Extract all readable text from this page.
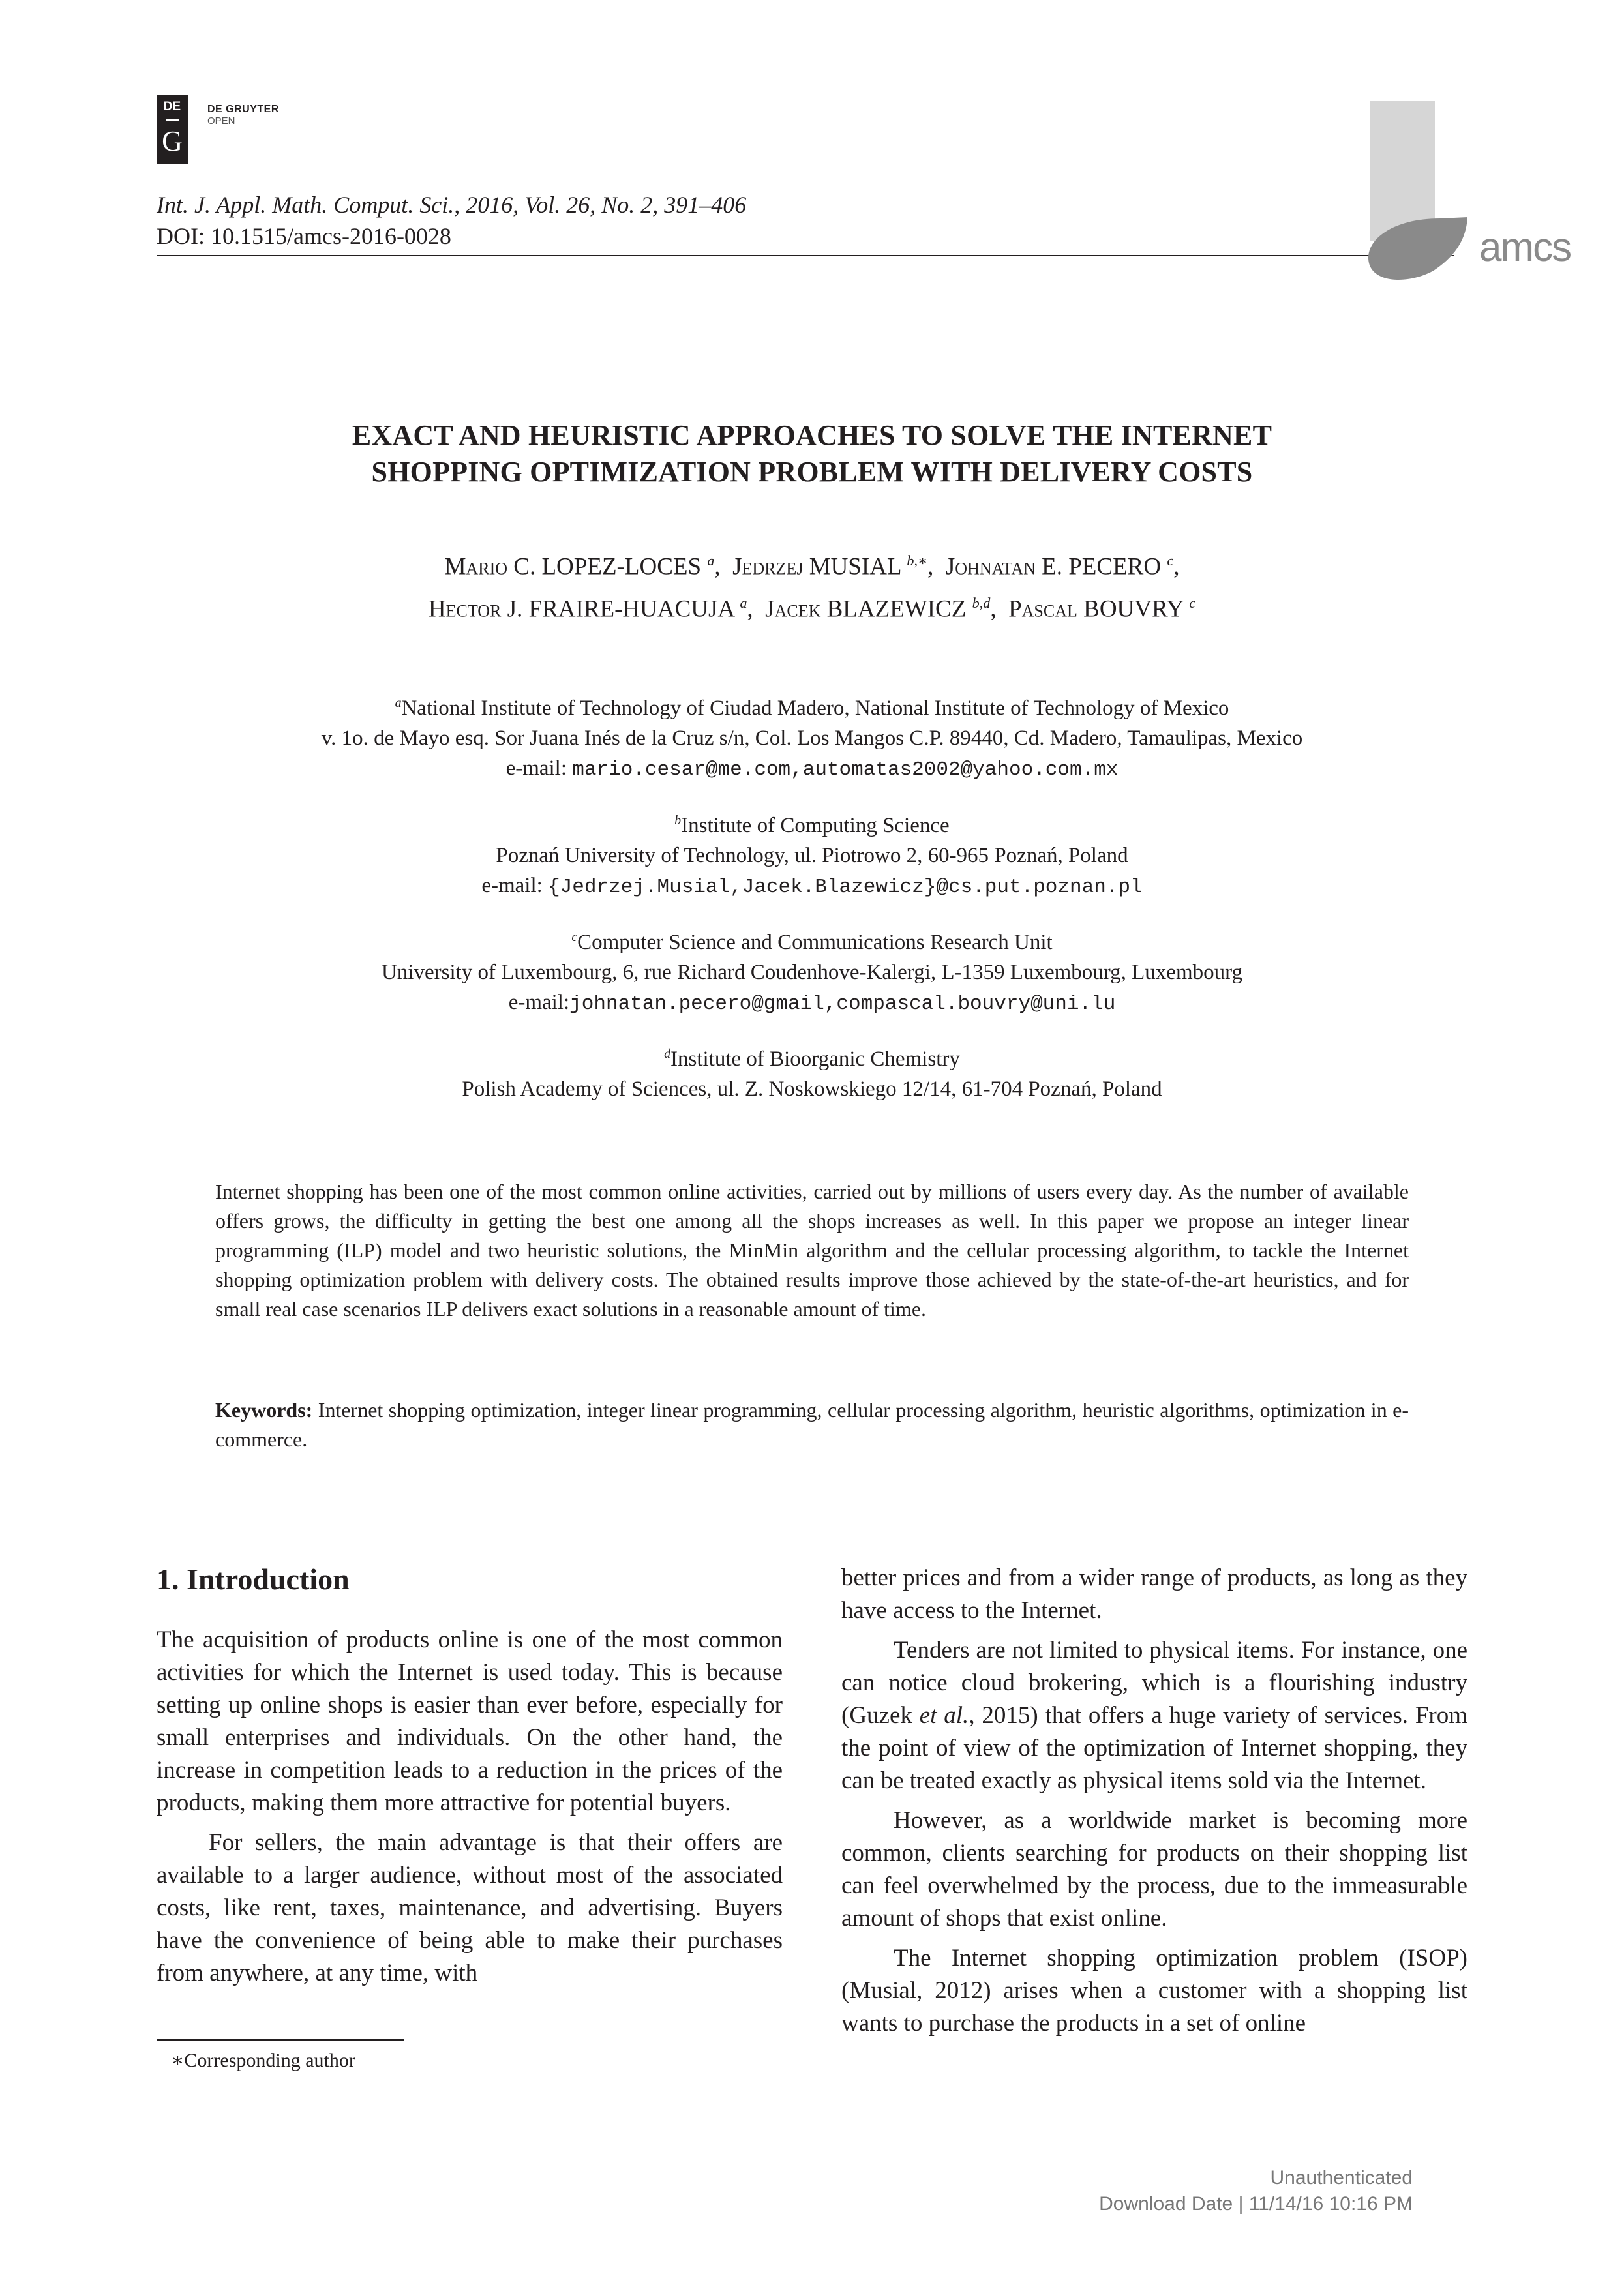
DE
G
DE GRUYTER
OPEN
Int. J. Appl. Math. Comput. Sci., 2016, Vol. 26, No. 2, 391–406
DOI: 10.1515/amcs-2016-0028	amcs
EXACT AND HEURISTIC APPROACHES TO SOLVE THE INTERNET
SHOPPING OPTIMIZATION PROBLEM WITH DELIVERY COSTS
Mario C. LOPEZ-LOCES $^a$,  Jedrzej MUSIAL $^{b,∗}$,  Johnatan E. PECERO $^c$,
Hector J. FRAIRE-HUACUJA $^a$,  Jacek BLAZEWICZ $^{b,d}$,  Pascal BOUVRY $^c$
$^a$National Institute of Technology of Ciudad Madero, National Institute of Technology of Mexico
v. 1o. de Mayo esq. Sor Juana Inés de la Cruz s/n, Col. Los Mangos C.P. 89440, Cd. Madero, Tamaulipas, Mexico
e-mail: mario.cesar@me.com,automatas2002@yahoo.com.mx
$^b$Institute of Computing Science
Poznań University of Technology, ul. Piotrowo 2, 60-965 Poznań, Poland
e-mail: {Jedrzej.Musial,Jacek.Blazewicz}@cs.put.poznan.pl
$^c$Computer Science and Communications Research Unit
University of Luxembourg, 6, rue Richard Coudenhove-Kalergi, L-1359 Luxembourg, Luxembourg
e-mail:johnatan.pecero@gmail,compascal.bouvry@uni.lu
$^d$Institute of Bioorganic Chemistry
Polish Academy of Sciences, ul. Z. Noskowskiego 12/14, 61-704 Poznań, Poland
Internet shopping has been one of the most common online activities, carried out by millions of users every day. As the number of available offers grows, the difficulty in getting the best one among all the shops increases as well. In this paper we propose an integer linear programming (ILP) model and two heuristic solutions, the MinMin algorithm and the cellular processing algorithm, to tackle the Internet shopping optimization problem with delivery costs. The obtained results improve those achieved by the state-of-the-art heuristics, and for small real case scenarios ILP delivers exact solutions in a reasonable amount of time.
Keywords: Internet shopping optimization, integer linear programming, cellular processing algorithm, heuristic algorithms, optimization in e-commerce.
1. Introduction

The acquisition of products online is one of the most common activities for which the Internet is used today. This is because setting up online shops is easier than ever before, especially for small enterprises and individuals. On the other hand, the increase in competition leads to a reduction in the prices of the products, making them more attractive for potential buyers.

For sellers, the main advantage is that their offers are available to a larger audience, without most of the associated costs, like rent, taxes, maintenance, and advertising. Buyers have the convenience of being able to make their purchases from anywhere, at any time, with

better prices and from a wider range of products, as long as they have access to the Internet.

Tenders are not limited to physical items. For instance, one can notice cloud brokering, which is a flourishing industry (Guzek et al., 2015) that offers a huge variety of services. From the point of view of the optimization of Internet shopping, they can be treated exactly as physical items sold via the Internet.

However, as a worldwide market is becoming more common, clients searching for products on their shopping list can feel overwhelmed by the process, due to the immeasurable amount of shops that exist online.

The Internet shopping optimization problem (ISOP) (Musial, 2012) arises when a customer with a shopping list wants to purchase the products in a set of online

∗Corresponding author
Unauthenticated
Download Date | 11/14/16 10:16 PM
